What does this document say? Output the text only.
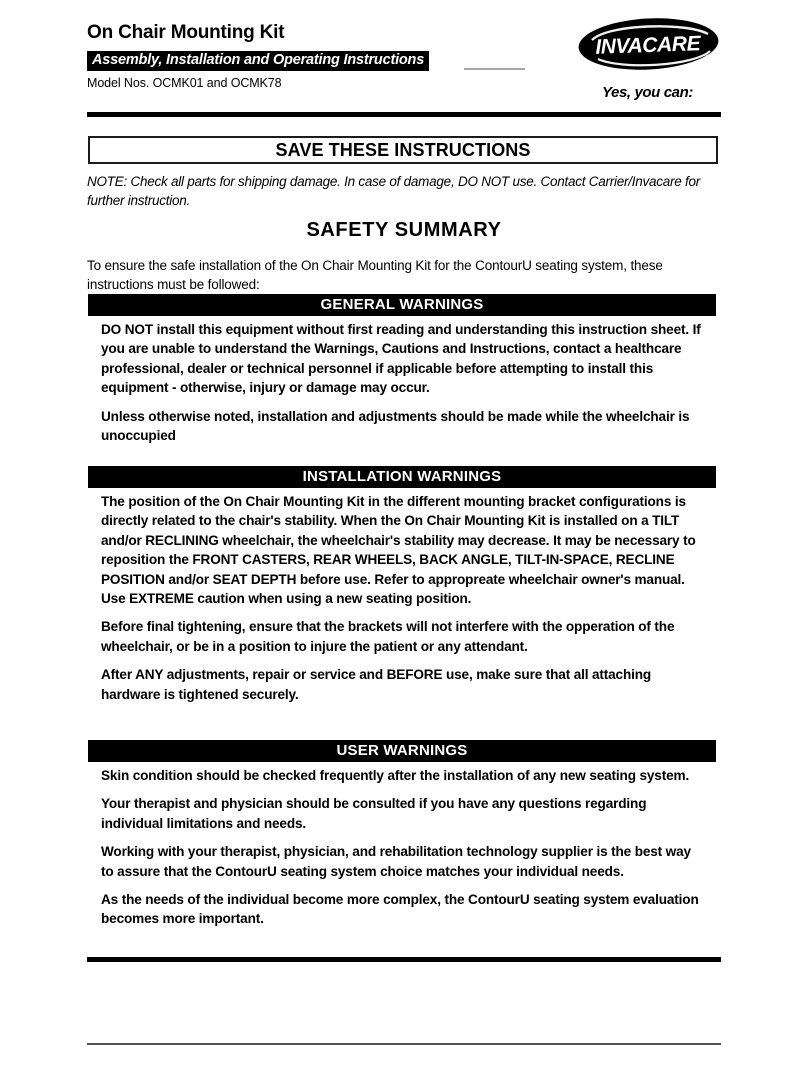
On Chair Mounting Kit
Assembly, Installation and Operating Instructions
Model Nos. OCMK01 and OCMK78
INVACARE ®
Yes, you can:
SAVE THESE INSTRUCTIONS
NOTE: Check all parts for shipping damage. In case of damage, DO NOT use. Contact Carrier/Invacare for further instruction.
SAFETY SUMMARY
To ensure the safe installation of the On Chair Mounting Kit for the ContourU seating system, these instructions must be followed:
GENERAL WARNINGS

DO NOT install this equipment without first reading and understanding this instruction sheet. If you are unable to understand the Warnings, Cautions and Instructions, contact a healthcare professional, dealer or technical personnel if applicable before attempting to install this equipment - otherwise, injury or damage may occur.

Unless otherwise noted, installation and adjustments should be made while the wheelchair is unoccupied

INSTALLATION WARNINGS

The position of the On Chair Mounting Kit in the different mounting bracket configurations is directly related to the chair's stability. When the On Chair Mounting Kit is installed on a TILT and/or RECLINING wheelchair, the wheelchair's stability may decrease. It may be necessary to reposition the FRONT CASTERS, REAR WHEELS, BACK ANGLE, TILT-IN-SPACE, RECLINE POSITION and/or SEAT DEPTH before use. Refer to appropreate wheelchair owner's manual. Use EXTREME caution when using a new seating position.

Before final tightening, ensure that the brackets will not interfere with the opperation of the wheelchair, or be in a position to injure the patient or any attendant.

After ANY adjustments, repair or service and BEFORE use, make sure that all attaching hardware is tightened securely.

USER WARNINGS

Skin condition should be checked frequently after the installation of any new seating system.

Your therapist and physician should be consulted if you have any questions regarding individual limitations and needs.

Working with your therapist, physician, and rehabilitation technology supplier is the best way to assure that the ContourU seating system choice matches your individual needs.

As the needs of the individual become more complex, the ContourU seating system evaluation becomes more important.
